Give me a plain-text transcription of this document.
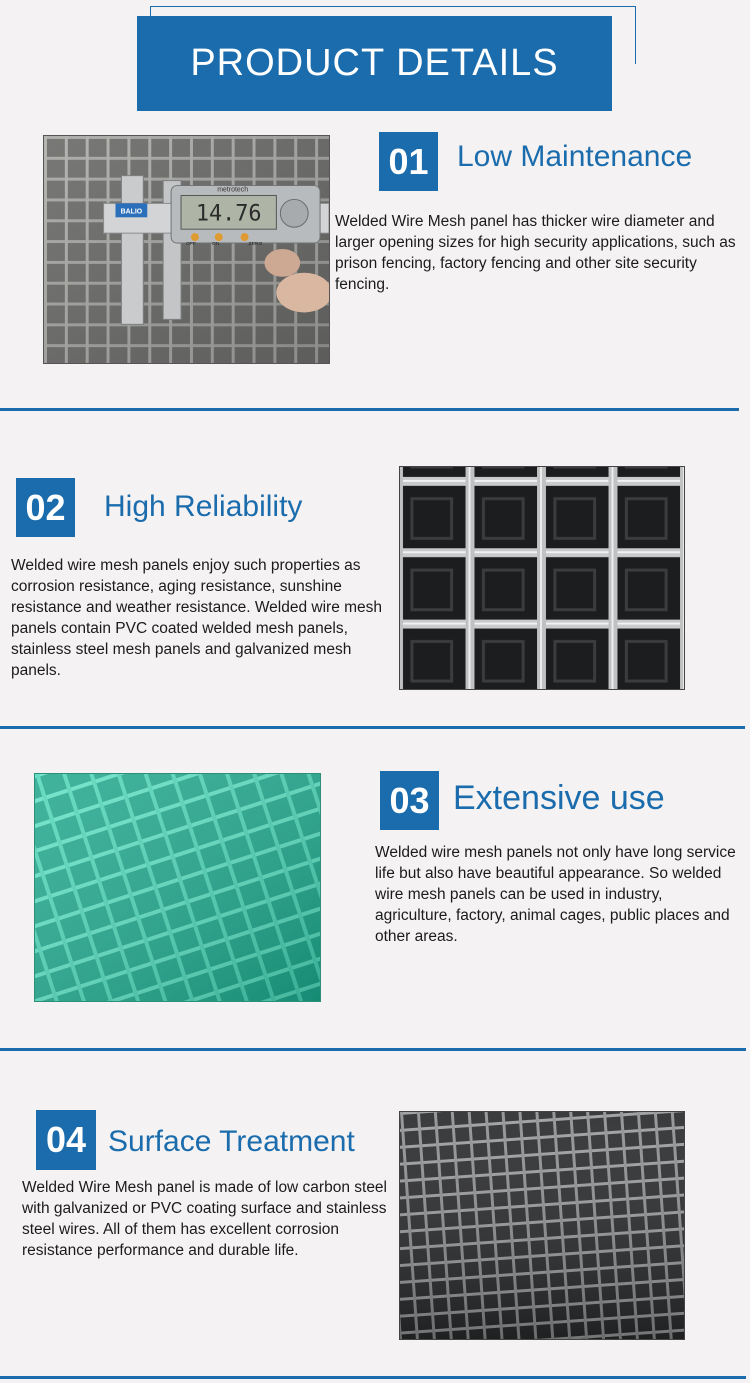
PRODUCT DETAILS
14.76
metrotech
OFF	ON	ZERO
BALIO
01 Low Maintenance
Welded Wire Mesh panel has thicker wire diameter and larger opening sizes for high security applications, such as prison fencing, factory fencing and other site security fencing.
02	High Reliability
Welded wire mesh panels enjoy such properties as corrosion resistance, aging resistance, sunshine resistance and weather resistance. Welded wire mesh panels contain PVC coated welded mesh panels, stainless steel mesh panels and galvanized mesh panels.
03 Extensive use
Welded wire mesh panels not only have long service life but also have beautiful appearance. So welded wire mesh panels can be used in industry, agriculture, factory, animal cages, public places and other areas.
04 Surface Treatment
Welded Wire Mesh panel is made of low carbon steel with galvanized or PVC coating surface and stainless steel wires. All of them has excellent corrosion resistance performance and durable life.
